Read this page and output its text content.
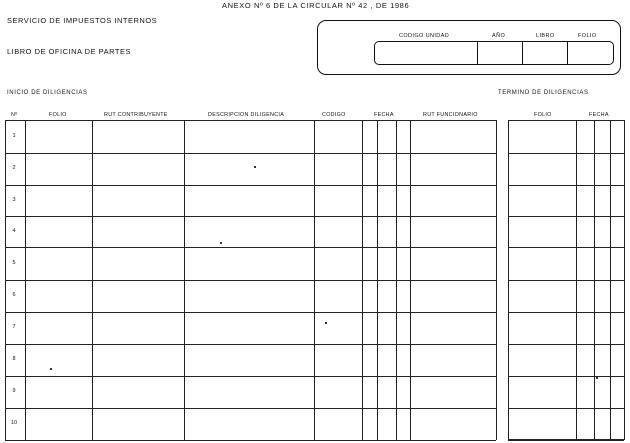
ANEXO Nº 6 DE LA CIRCULAR Nº 42 , DE 1986
SERVICIO DE IMPUESTOS INTERNOS
LIBRO DE OFICINA DE PARTES
CODIGO UNIDAD	AÑO	LIBRO	FOLIO
INICIO DE DILIGENCIAS	TERMINO DE DILIGENCIAS
Nº	FOLIO	RUT CONTRIBUYENTE	DESCRIPCION DILIGENCIA	CODIGO	FECHA	RUT FUNCIONARIO	FOLIO	FECHA
1
2
3
4
5
6
7
8
9
10
